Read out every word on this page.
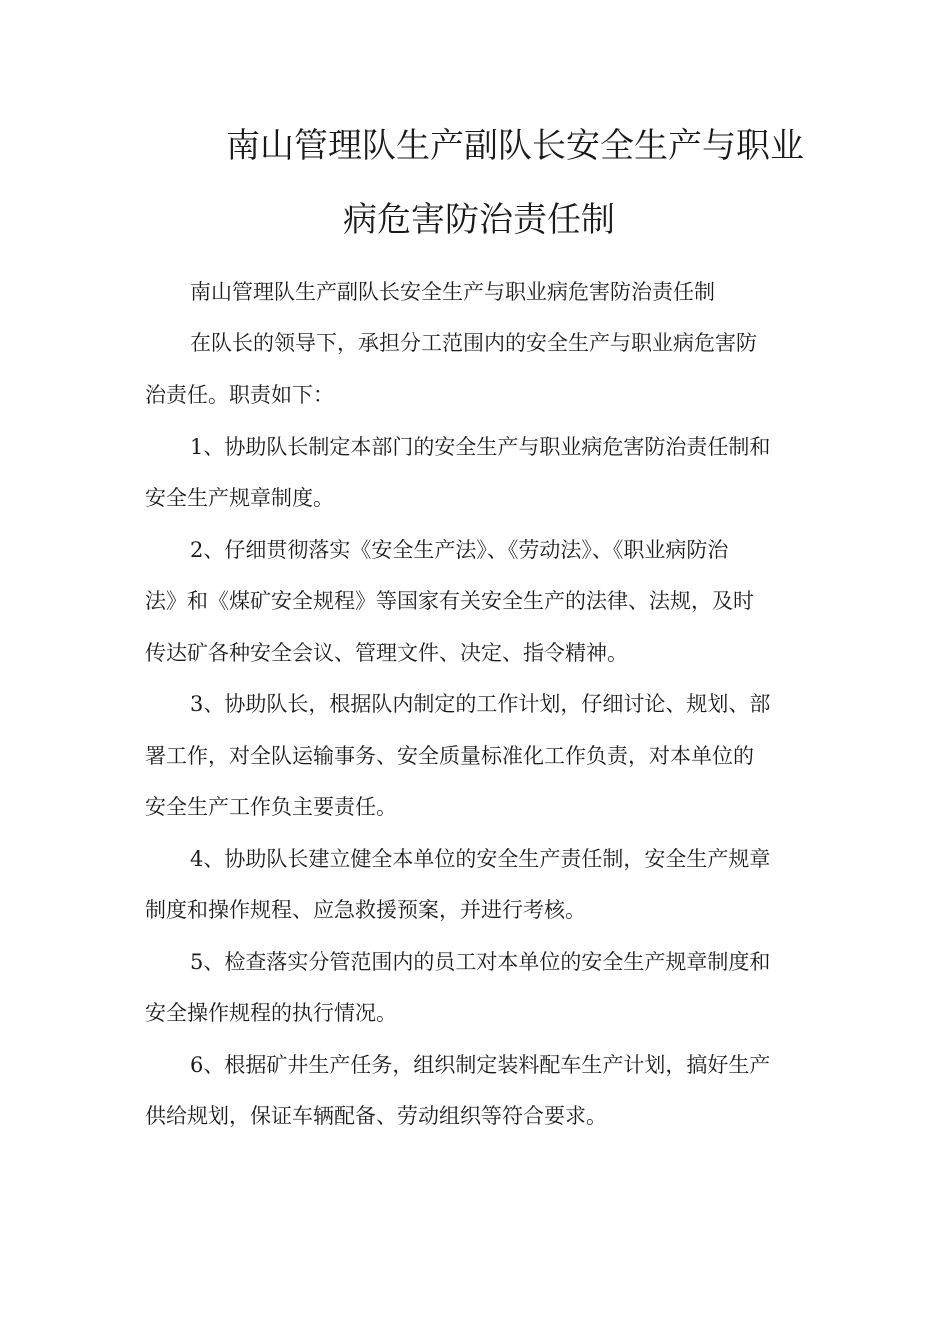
南山管理队生产副队长安全生产与职业
病危害防治责任制
南山管理队生产副队长安全生产与职业病危害防治责任制
在队长的领导下，承担分工范围内的安全生产与职业病危害防
治责任。职责如下：
1、协助队长制定本部门的安全生产与职业病危害防治责任制和
安全生产规章制度。
2、仔细贯彻落实《安全生产法》、《劳动法》、《职业病防治
法》和《煤矿安全规程》等国家有关安全生产的法律、法规，及时
传达矿各种安全会议、管理文件、决定、指令精神。
3、协助队长，根据队内制定的工作计划，仔细讨论、规划、部
署工作，对全队运输事务、安全质量标准化工作负责，对本单位的
安全生产工作负主要责任。
4、协助队长建立健全本单位的安全生产责任制，安全生产规章
制度和操作规程、应急救援预案，并进行考核。
5、检查落实分管范围内的员工对本单位的安全生产规章制度和
安全操作规程的执行情况。
6、根据矿井生产任务，组织制定装料配车生产计划，搞好生产
供给规划，保证车辆配备、劳动组织等符合要求。
